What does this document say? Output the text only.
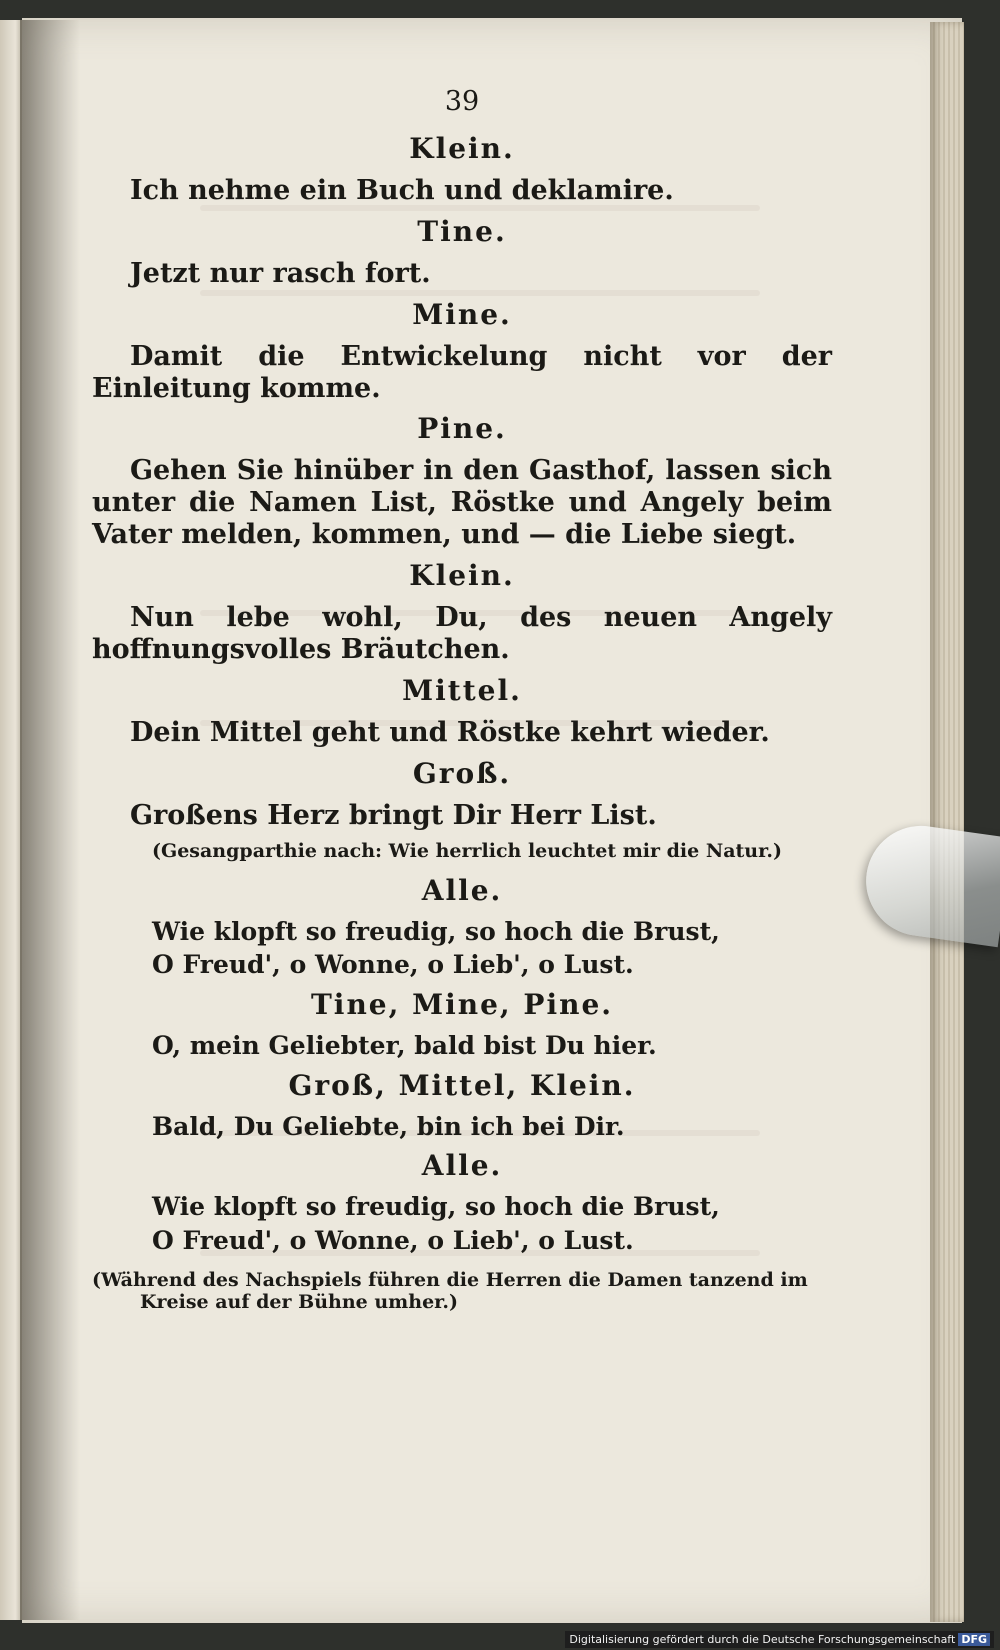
39
Klein.

Ich nehme ein Buch und deklamire.

Tine.

Jetzt nur rasch fort.

Mine.

Damit die Entwickelung nicht vor der Einleitung komme.

Pine.

Gehen Sie hinüber in den Gasthof, lassen sich unter die Namen List, Röstke und Angely beim Vater melden, kommen, und — die Liebe siegt.

Klein.

Nun lebe wohl, Du, des neuen Angely hoffnungsvolles Bräutchen.

Mittel.

Dein Mittel geht und Röstke kehrt wieder.

Groß.

Großens Herz bringt Dir Herr List.

(Gesangparthie nach: Wie herrlich leuchtet mir die Natur.)
Alle.
Wie klopft so freudig, so hoch die Brust,
O Freud', o Wonne, o Lieb', o Lust.
Tine, Mine, Pine.
O, mein Geliebter, bald bist Du hier.
Groß, Mittel, Klein.
Bald, Du Geliebte, bin ich bei Dir.
Alle.
Wie klopft so freudig, so hoch die Brust,
O Freud', o Wonne, o Lieb', o Lust.

(Während des Nachspiels führen die Herren die Damen tanzend im Kreise auf der Bühne umher.)

Digitalisierung gefördert durch die Deutsche Forschungsgemeinschaft DFG
